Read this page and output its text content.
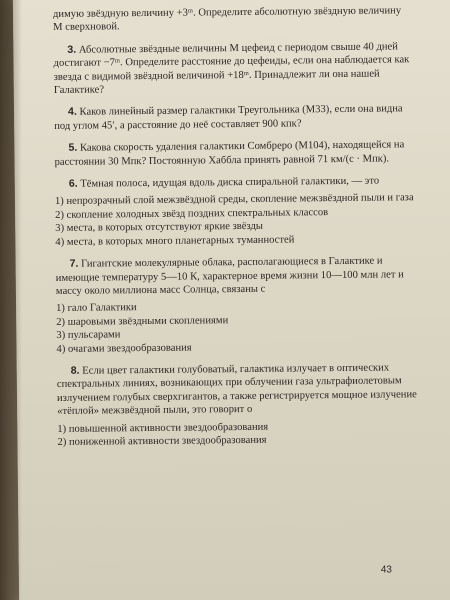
димую звёздную величину +3ᵐ. Определите абсолютную звёздную величину M сверхновой.

3. Абсолютные звёздные величины M цефеид с периодом свыше 40 дней достигают −7ᵐ. Определите расстояние до цефеиды, если она наблюдается как звезда с видимой звёздной величиной +18ᵐ. Принадлежит ли она нашей Галактике?

4. Каков линейный размер галактики Треугольника (M33), если она видна под углом 45′, а расстояние до неё составляет 900 кпк?

5. Какова скорость удаления галактики Сомбреро (M104), находящейся на расстоянии 30 Мпк? Постоянную Хаббла принять равной 71 км/(с · Мпк).

6. Тёмная полоса, идущая вдоль диска спиральной галактики, — это

1) непрозрачный слой межзвёздной среды, скопление межзвёздной пыли и газа
2) скопление холодных звёзд поздних спектральных классов
3) места, в которых отсутствуют яркие звёзды
4) места, в которых много планетарных туманностей

7. Гигантские молекулярные облака, располагающиеся в Галактике и имеющие температуру 5—10 К, характерное время жизни 10—100 млн лет и массу около миллиона масс Солнца, связаны с

1) гало Галактики
2) шаровыми звёздными скоплениями
3) пульсарами
4) очагами звездообразования

8. Если цвет галактики голубоватый, галактика излучает в оптических спектральных линиях, возникающих при облучении газа ультрафиолетовым излучением голубых сверхгигантов, а также регистрируется мощное излучение «тёплой» межзвёздной пыли, это говорит о

1) повышенной активности звездообразования
2) пониженной активности звездообразования
43
